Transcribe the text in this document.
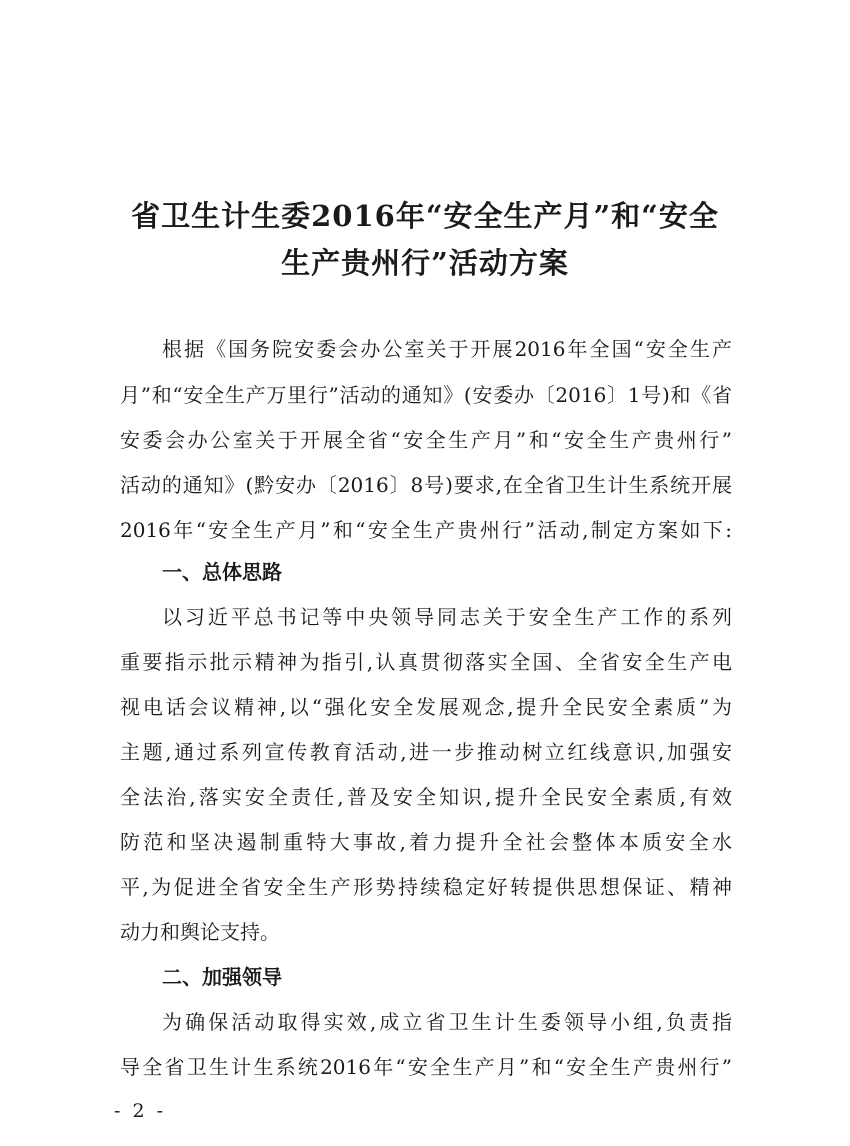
省卫生计生委2016年“安全生产月”和“安全
生产贵州行”活动方案

根据《国务院安委会办公室关于开展2016年全国“安全生产

月”和“安全生产万里行”活动的通知》(安委办〔2016〕1号)和《省

安委会办公室关于开展全省“安全生产月”和“安全生产贵州行”

活动的通知》(黔安办〔2016〕8号)要求,在全省卫生计生系统开展

2016年“安全生产月”和“安全生产贵州行”活动,制定方案如下:

一、总体思路

以习近平总书记等中央领导同志关于安全生产工作的系列

重要指示批示精神为指引,认真贯彻落实全国、全省安全生产电

视电话会议精神,以“强化安全发展观念,提升全民安全素质”为

主题,通过系列宣传教育活动,进一步推动树立红线意识,加强安

全法治,落实安全责任,普及安全知识,提升全民安全素质,有效

防范和坚决遏制重特大事故,着力提升全社会整体本质安全水

平,为促进全省安全生产形势持续稳定好转提供思想保证、精神

动力和舆论支持。

二、加强领导

为确保活动取得实效,成立省卫生计生委领导小组,负责指

导全省卫生计生系统2016年“安全生产月”和“安全生产贵州行”

- 2 -
